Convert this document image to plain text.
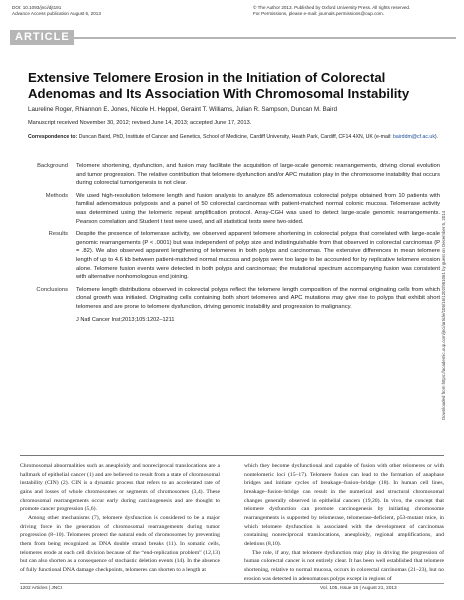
DOI: 10.1093/jnci/djt191
Advance Access publication August 5, 2013
© The Author 2013. Published by Oxford University Press. All rights reserved.
For Permissions, please e-mail: journals.permissions@oup.com.
ARTICLE
Extensive Telomere Erosion in the Initiation of Colorectal Adenomas and Its Association With Chromosomal Instability
Laureline Roger, Rhiannon E. Jones, Nicole H. Heppel, Geraint T. Williams, Julian R. Sampson, Duncan M. Baird
Manuscript received November 30, 2012; revised June 14, 2013; accepted June 17, 2013.
Correspondence to: Duncan Baird, PhD, Institute of Cancer and Genetics, School of Medicine, Cardiff University, Heath Park, Cardiff, CF14 4XN, UK (e-mail: bairddm@cf.ac.uk).
Background Telomere shortening, dysfunction, and fusion may facilitate the acquisition of large-scale genomic rearrangements, driving clonal evolution and tumor progression. The relative contribution that telomere dysfunction and/or APC mutation play in the chromosome instability that occurs during colorectal tumorigenesis is not clear.
Methods We used high-resolution telomere length and fusion analysis to analyze 85 adenomatous colorectal polyps obtained from 10 patients with familial adenomatous polyposis and a panel of 50 colorectal carcinomas with patient-matched normal colonic mucosa. Telomerase activity was determined using the telomeric repeat amplification protocol. Array-CGH was used to detect large-scale genomic rearrangements. Pearson correlation and Student t test were used, and all statistical tests were two-sided.
Results Despite the presence of telomerase activity, we observed apparent telomere shortening in colorectal polyps that correlated with large-scale genomic rearrangements (P < .0001) but was independent of polyp size and indistinguishable from that observed in colorectal carcinomas (P = .82). We also observed apparent lengthening of telomeres in both polyps and carcinomas. The extensive differences in mean telomere length of up to 4.6 kb between patient-matched normal mucosa and polyps were too large to be accounted for by replicative telomere erosion alone. Telomere fusion events were detected in both polyps and carcinomas; the mutational spectrum accompanying fusion was consistent with alternative nonhomologous end joining.
Conclusions Telomere length distributions observed in colorectal polyps reflect the telomere length composition of the normal originating cells from which clonal growth was initiated. Originating cells containing both short telomeres and APC mutations may give rise to polyps that exhibit short telomeres and are prone to telomere dysfunction, driving genomic instability and progression to malignancy.
J Natl Cancer Inst;2013;105:1202–1211	Downloaded from https://academic.oup.com/jnci/article/105/16/1202/951061 by guest on December 5, 2014

Chromosomal abnormalities such as aneuploidy and nonreciprocal translocations are a hallmark of epithelial cancer (1) and are believed to result from a state of chromosomal instability (CIN) (2). CIN is a dynamic process that refers to an accelerated rate of gains and losses of whole chromosomes or segments of chromosomes (3,4). These chromosomal rearrangements occur early during carcinogenesis and are thought to promote cancer progression (5,6).

Among other mechanisms (7), telomere dysfunction is considered to be a major driving force in the generation of chromosomal rearrangements during tumor progression (8–10). Telomeres protect the natural ends of chromosomes by preventing them from being recognized as DNA double strand breaks (11). In somatic cells, telomeres erode at each cell division because of the “end-replication problem” (12,13) but can also shorten as a consequence of stochastic deletion events (14). In the absence of fully functional DNA damage checkpoints, telomeres can shorten to a length at

which they become dysfunctional and capable of fusion with other telomeres or with nontelomeric loci (15–17). Telomere fusion can lead to the formation of anaphase bridges and initiate cycles of breakage–fusion–bridge (18). In human cell lines, breakage–fusion–bridge can result in the numerical and structural chromosomal changes generally observed in epithelial cancers (19,20). In vivo, the concept that telomere dysfunction can promote carcinogenesis by initiating chromosome rearrangements is supported by telomerase, telomerase-deficient, p53-mutant mice, in which telomere dysfunction is associated with the development of carcinomas containing nonreciprocal translocations, aneuploidy, regional amplifications, and deletions (8,10).

The role, if any, that telomere dysfunction may play in driving the progression of human colorectal cancer is not entirely clear. It has been well established that telomere shortening, relative to normal mucosa, occurs in colorectal carcinomas (21–23), but no erosion was detected in adenomatous polyps except in regions of

1202 Articles | JNCI	Vol. 105, Issue 16 | August 21, 2013
